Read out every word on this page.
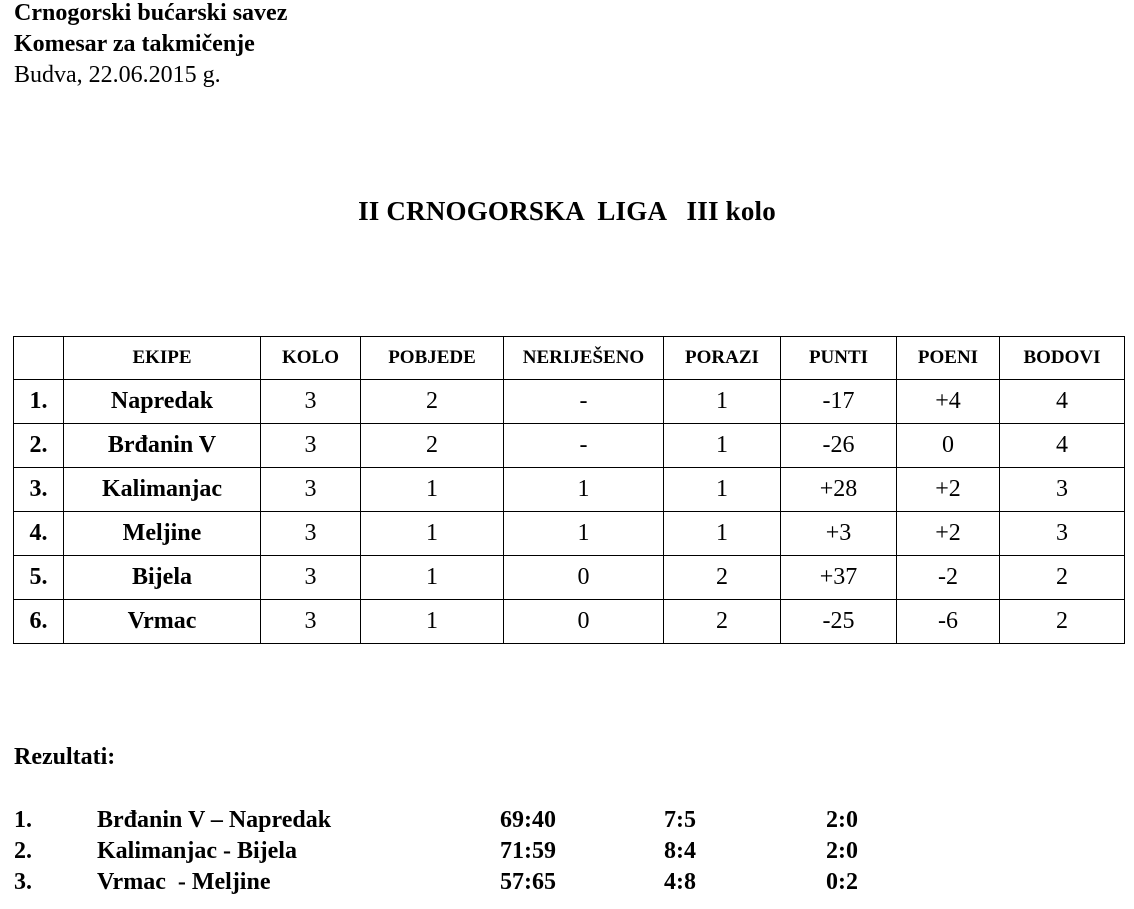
Crnogorski bućarski savez
Komesar za takmičenje
Budva, 22.06.2015 g.
II CRNOGORSKA  LIGA   III kolo
	EKIPE	KOLO	POBJEDE	NERIJEŠENO	PORAZI	PUNTI	POENI	BODOVI
1.	Napredak	3	2	-	1	-17	+4	4
2.	Brđanin V	3	2	-	1	-26	0	4
3.	Kalimanjac	3	1	1	1	+28	+2	3
4.	Meljine	3	1	1	1	+3	+2	3
5.	Bijela	3	1	0	2	+37	-2	2
6.	Vrmac	3	1	0	2	-25	-6	2
Rezultati:
1.	Brđanin V – Napredak	69:40	7:5	2:0
2.	Kalimanjac - Bijela	71:59	8:4	2:0
3.	Vrmac  - Meljine	57:65	4:8	0:2
